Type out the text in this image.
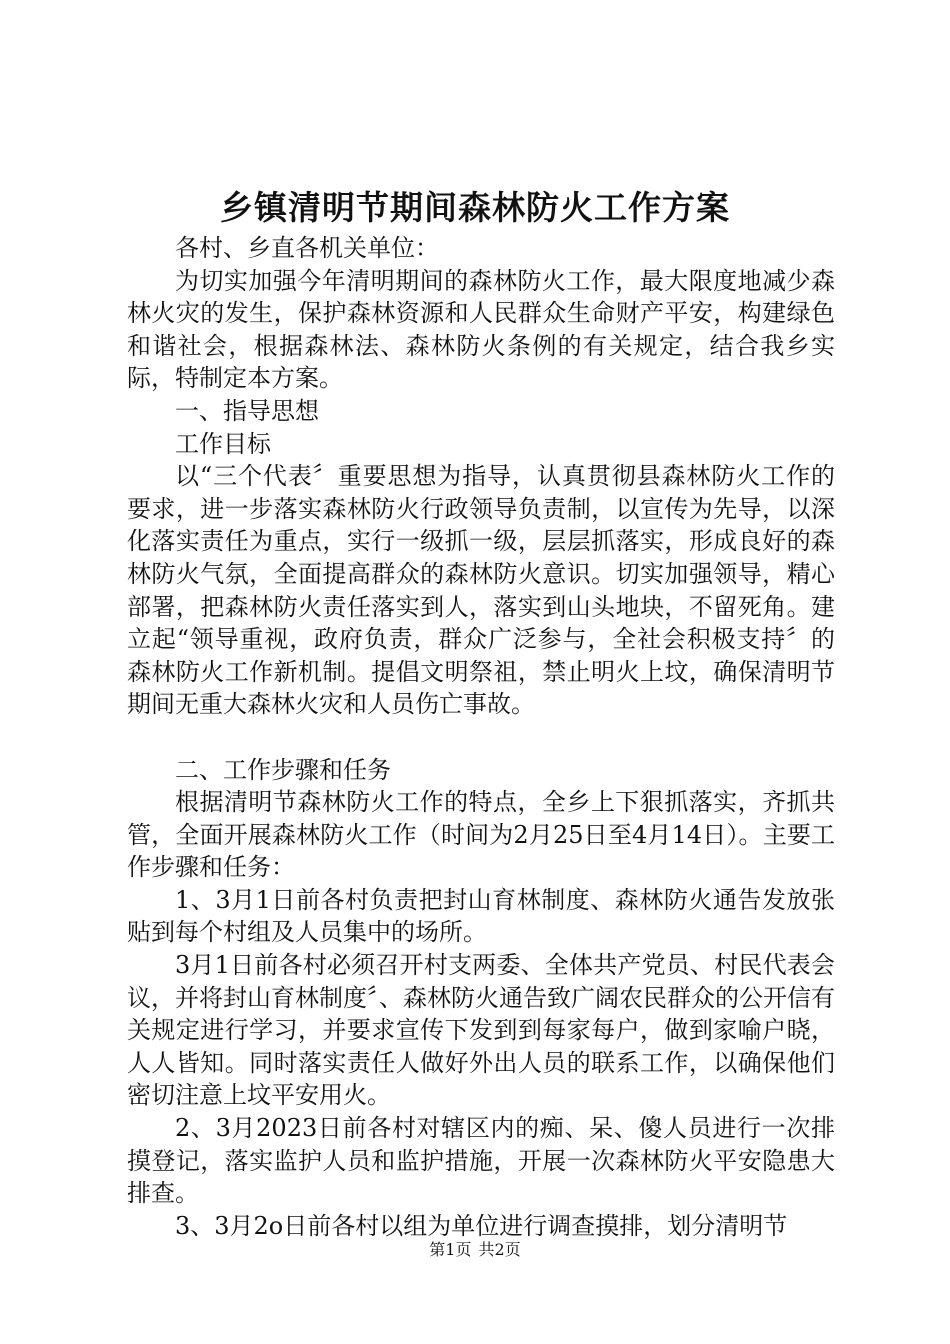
乡镇清明节期间森林防火工作方案

各村、乡直各机关单位：

为切实加强今年清明期间的森林防火工作，最大限度地减少森林火灾的发生，保护森林资源和人民群众生命财产平安，构建绿色和谐社会，根据森林法、森林防火条例的有关规定，结合我乡实际，特制定本方案。

一、指导思想

工作目标

以“三个代表〞重要思想为指导，认真贯彻县森林防火工作的要求，进一步落实森林防火行政领导负责制，以宣传为先导，以深化落实责任为重点，实行一级抓一级，层层抓落实，形成良好的森林防火气氛，全面提高群众的森林防火意识。切实加强领导，精心部署，把森林防火责任落实到人，落实到山头地块，不留死角。建立起“领导重视，政府负责，群众广泛参与，全社会积极支持〞的森林防火工作新机制。提倡文明祭祖，禁止明火上坟，确保清明节期间无重大森林火灾和人员伤亡事故。

二、工作步骤和任务

根据清明节森林防火工作的特点，全乡上下狠抓落实，齐抓共管，全面开展森林防火工作（时间为2月25日至4月14日）。主要工作步骤和任务：

1、3月1日前各村负责把封山育林制度、森林防火通告发放张贴到每个村组及人员集中的场所。

3月1日前各村必须召开村支两委、全体共产党员、村民代表会议，并将封山育林制度〞、森林防火通告致广阔农民群众的公开信有关规定进行学习，并要求宣传下发到到每家每户，做到家喻户晓，人人皆知。同时落实责任人做好外出人员的联系工作，以确保他们密切注意上坟平安用火。

2、3月2023日前各村对辖区内的痴、呆、傻人员进行一次排摸登记，落实监护人员和监护措施，开展一次森林防火平安隐患大排查。

3、3月2o日前各村以组为单位进行调查摸排，划分清明节

第1页 共2页
